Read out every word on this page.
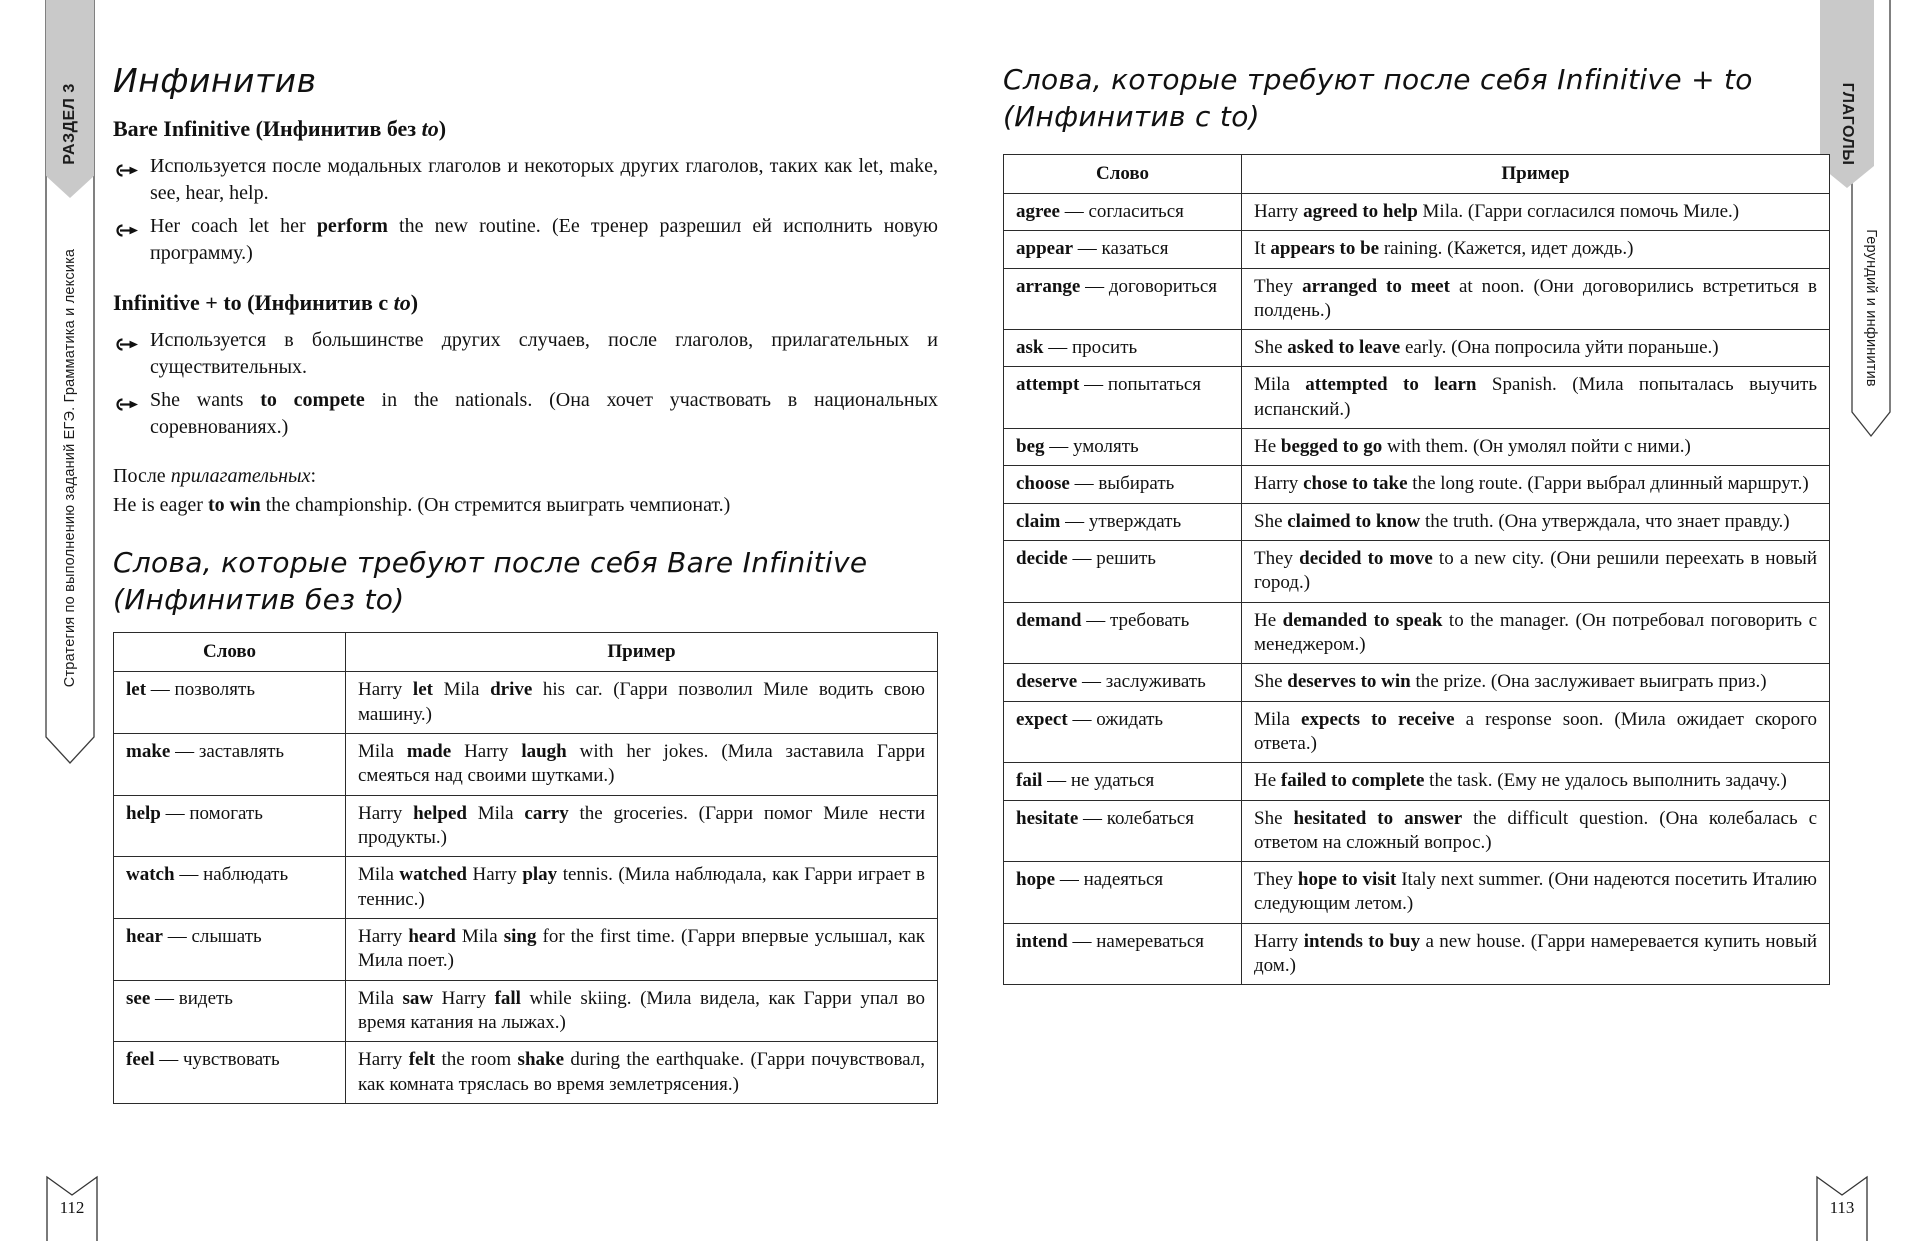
РАЗДЕЛ 3
Стратегия по выполнению заданий ЕГЭ. Грамматика и лексика
ГЛАГОЛЫ
Герундий и инфинитив
Инфинитив
Bare Infinitive (Инфинитив без to)
Используется после модальных глаголов и некоторых других глаголов, таких как let, make, see, hear, help.
Her coach let her perform the new routine. (Ее тренер разрешил ей исполнить новую программу.)
Infinitive + to (Инфинитив с to)
Используется в большинстве других случаев, после глаголов, прилагательных и существительных.
She wants to compete in the nationals. (Она хочет участвовать в национальных соревнованиях.)

После прилагательных:

He is eager to win the championship. (Он стремится выиграть чемпионат.)

Слова, которые требуют после себя Bare Infinitive (Инфинитив без to)
Слово	Пример
let — позволять	Harry let Mila drive his car. (Гарри позволил Миле водить свою машину.)
make — заставлять	Mila made Harry laugh with her jokes. (Мила заставила Гарри смеяться над своими шутками.)
help — помогать	Harry helped Mila carry the groceries. (Гарри помог Миле нести продукты.)
watch — наблюдать	Mila watched Harry play tennis. (Мила наблюдала, как Гарри играет в теннис.)
hear — слышать	Harry heard Mila sing for the first time. (Гарри впервые услышал, как Мила поет.)
see — видеть	Mila saw Harry fall while skiing. (Мила видела, как Гарри упал во время катания на лыжах.)
feel — чувствовать	Harry felt the room shake during the earthquake. (Гарри почувствовал, как комната тряслась во время землетрясения.)
Слова, которые требуют после себя Infinitive + to (Инфинитив с to)
Слово	Пример
agree — согласиться	Harry agreed to help Mila. (Гарри согласился помочь Миле.)
appear — казаться	It appears to be raining. (Кажется, идет дождь.)
arrange — договориться	They arranged to meet at noon. (Они договорились встретиться в полдень.)
ask — просить	She asked to leave early. (Она попросила уйти пораньше.)
attempt — попытаться	Mila attempted to learn Spanish. (Мила попыталась выучить испанский.)
beg — умолять	He begged to go with them. (Он умолял пойти с ними.)
choose — выбирать	Harry chose to take the long route. (Гарри выбрал длинный маршрут.)
claim — утверждать	She claimed to know the truth. (Она утверждала, что знает правду.)
decide — решить	They decided to move to a new city. (Они решили переехать в новый город.)
demand — требовать	He demanded to speak to the manager. (Он потребовал поговорить с менеджером.)
deserve — заслуживать	She deserves to win the prize. (Она заслуживает выиграть приз.)
expect — ожидать	Mila expects to receive a response soon. (Мила ожидает скорого ответа.)
fail — не удаться	He failed to complete the task. (Ему не удалось выполнить задачу.)
hesitate — колебаться	She hesitated to answer the difficult question. (Она колебалась с ответом на сложный вопрос.)
hope — надеяться	They hope to visit Italy next summer. (Они надеются посетить Италию следующим летом.)
intend — намереваться	Harry intends to buy a new house. (Гарри намеревается купить новый дом.)
112	113
